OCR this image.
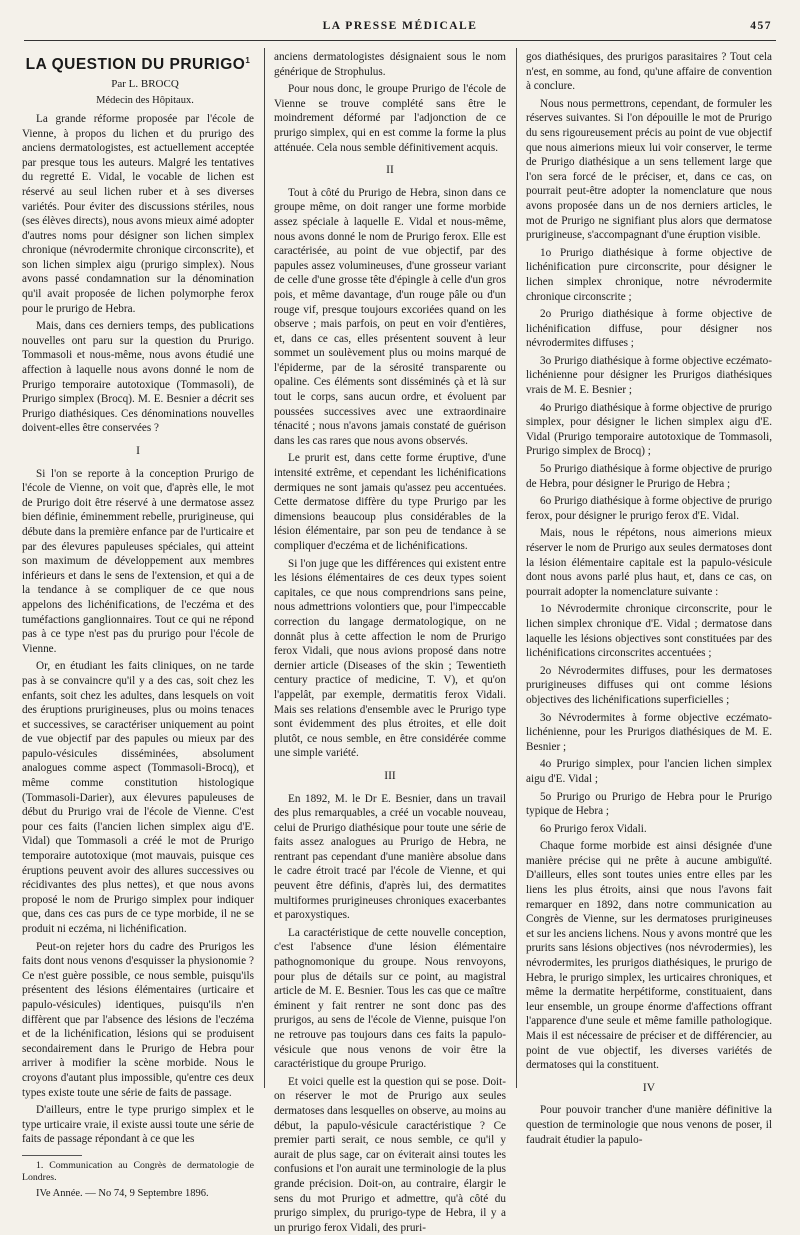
LA PRESSE MÉDICALE	457
LA QUESTION DU PRURIGO$^1$

Par L. BROCQ

Médecin des Hôpitaux.

La grande réforme proposée par l'école de Vienne, à propos du lichen et du prurigo des anciens dermatologistes, est actuellement acceptée par presque tous les auteurs. Malgré les tentatives du regretté E. Vidal, le vocable de lichen est réservé au seul lichen ruber et à ses diverses variétés. Pour éviter des discussions stériles, nous (ses élèves directs), nous avons mieux aimé adopter d'autres noms pour désigner son lichen simplex chronique (névrodermite chronique circonscrite), et son lichen simplex aigu (prurigo simplex). Nous avons passé condamnation sur la dénomination qu'il avait proposée de lichen polymorphe ferox pour le prurigo de Hebra.

Mais, dans ces derniers temps, des publications nouvelles ont paru sur la question du Prurigo. Tommasoli et nous-même, nous avons étudié une affection à laquelle nous avons donné le nom de Prurigo temporaire autotoxique (Tommasoli), de Prurigo simplex (Brocq). M. E. Besnier a décrit ses Prurigo diathésiques. Ces dénominations nouvelles doivent-elles être conservées ?

I

Si l'on se reporte à la conception Prurigo de l'école de Vienne, on voit que, d'après elle, le mot de Prurigo doit être réservé à une dermatose assez bien définie, éminemment rebelle, prurigineuse, qui débute dans la première enfance par de l'urticaire et par des élevures papuleuses spéciales, qui atteint son maximum de développement aux membres inférieurs et dans le sens de l'extension, et qui a de la tendance à se compliquer de ce que nous appelons des lichénifications, de l'eczéma et des tuméfactions ganglionnaires. Tout ce qui ne répond pas à ce type n'est pas du prurigo pour l'école de Vienne.

Or, en étudiant les faits cliniques, on ne tarde pas à se convaincre qu'il y a des cas, soit chez les enfants, soit chez les adultes, dans lesquels on voit des éruptions prurigineuses, plus ou moins tenaces et successives, se caractériser uniquement au point de vue objectif par des papules ou mieux par des papulo-vésicules disséminées, absolument analogues comme aspect (Tommasoli-Brocq), et même comme constitution histologique (Tommasoli-Darier), aux élevures papuleuses de début du Prurigo vrai de l'école de Vienne. C'est pour ces faits (l'ancien lichen simplex aigu d'E. Vidal) que Tommasoli a créé le mot de Prurigo temporaire autotoxique (mot mauvais, puisque ces éruptions peuvent avoir des allures successives ou récidivantes des plus nettes), et que nous avons proposé le nom de Prurigo simplex pour indiquer que, dans ces cas purs de ce type morbide, il ne se produit ni eczéma, ni lichénification.

Peut-on rejeter hors du cadre des Prurigos les faits dont nous venons d'esquisser la physionomie ? Ce n'est guère possible, ce nous semble, puisqu'ils présentent des lésions élémentaires (urticaire et papulo-vésicules) identiques, puisqu'ils n'en diffèrent que par l'absence des lésions de l'eczéma et de la lichénification, lésions qui se produisent secondairement dans le Prurigo de Hebra pour arriver à modifier la scène morbide. Nous le croyons d'autant plus impossible, qu'entre ces deux types existe toute une série de faits de passage.

D'ailleurs, entre le type prurigo simplex et le type urticaire vraie, il existe aussi toute une série de faits de passage répondant à ce que les

1. Communication au Congrès de dermatologie de Londres.

IVe Année. — No 74, 9 Septembre 1896.

anciens dermatologistes désignaient sous le nom générique de Strophulus.

Pour nous donc, le groupe Prurigo de l'école de Vienne se trouve complété sans être le moindrement déformé par l'adjonction de ce prurigo simplex, qui en est comme la forme la plus atténuée. Cela nous semble définitivement acquis.

II

Tout à côté du Prurigo de Hebra, sinon dans ce groupe même, on doit ranger une forme morbide assez spéciale à laquelle E. Vidal et nous-même, nous avons donné le nom de Prurigo ferox. Elle est caractérisée, au point de vue objectif, par des papules assez volumineuses, d'une grosseur variant de celle d'une grosse tête d'épingle à celle d'un gros pois, et même davantage, d'un rouge pâle ou d'un rouge vif, presque toujours excoriées quand on les observe ; mais parfois, on peut en voir d'entières, et, dans ce cas, elles présentent souvent à leur sommet un soulèvement plus ou moins marqué de l'épiderme, par de la sérosité transparente ou opaline. Ces éléments sont disséminés çà et là sur tout le corps, sans aucun ordre, et évoluent par poussées successives avec une extraordinaire ténacité ; nous n'avons jamais constaté de guérison dans les cas rares que nous avons observés.

Le prurit est, dans cette forme éruptive, d'une intensité extrême, et cependant les lichénifications dermiques ne sont jamais qu'assez peu accentuées. Cette dermatose diffère du type Prurigo par les dimensions beaucoup plus considérables de la lésion élémentaire, par son peu de tendance à se compliquer d'eczéma et de lichénifications.

Si l'on juge que les différences qui existent entre les lésions élémentaires de ces deux types soient capitales, ce que nous comprendrions sans peine, nous admettrions volontiers que, pour l'impeccable correction du langage dermatologique, on ne donnât plus à cette affection le nom de Prurigo ferox Vidali, que nous avions proposé dans notre dernier article (Diseases of the skin ; Tewentieth century practice of medicine, T. V), et qu'on l'appelât, par exemple, dermatitis ferox Vidali. Mais ses relations d'ensemble avec le Prurigo type sont évidemment des plus étroites, et elle doit plutôt, ce nous semble, en être considérée comme une simple variété.

III

En 1892, M. le Dr E. Besnier, dans un travail des plus remarquables, a créé un vocable nouveau, celui de Prurigo diathésique pour toute une série de faits assez analogues au Prurigo de Hebra, ne rentrant pas cependant d'une manière absolue dans le cadre étroit tracé par l'école de Vienne, et qui peuvent être définis, d'après lui, des dermatites multiformes prurigineuses chroniques exacerbantes et paroxystiques.

La caractéristique de cette nouvelle conception, c'est l'absence d'une lésion élémentaire pathognomonique du groupe. Nous renvoyons, pour plus de détails sur ce point, au magistral article de M. E. Besnier. Tous les cas que ce maître éminent y fait rentrer ne sont donc pas des prurigos, au sens de l'école de Vienne, puisque l'on ne retrouve pas toujours dans ces faits la papulo-vésicule que nous venons de voir être la caractéristique du groupe Prurigo.

Et voici quelle est la question qui se pose. Doit-on réserver le mot de Prurigo aux seules dermatoses dans lesquelles on observe, au moins au début, la papulo-vésicule caractéristique ? Ce premier parti serait, ce nous semble, ce qu'il y aurait de plus sage, car on éviterait ainsi toutes les confusions et l'on aurait une terminologie de la plus grande précision. Doit-on, au contraire, élargir le sens du mot Prurigo et admettre, qu'à côté du prurigo simplex, du prurigo-type de Hebra, il y a un prurigo ferox Vidali, des pruri-

gos diathésiques, des prurigos parasitaires ? Tout cela n'est, en somme, au fond, qu'une affaire de convention à conclure.

Nous nous permettrons, cependant, de formuler les réserves suivantes. Si l'on dépouille le mot de Prurigo du sens rigoureusement précis au point de vue objectif que nous aimerions mieux lui voir conserver, le terme de Prurigo diathésique a un sens tellement large que l'on sera forcé de le préciser, et, dans ce cas, on pourrait peut-être adopter la nomenclature que nous avons proposée dans un de nos derniers articles, le mot de Prurigo ne signifiant plus alors que dermatose prurigineuse, s'accompagnant d'une éruption visible.

1o Prurigo diathésique à forme objective de lichénification pure circonscrite, pour désigner le lichen simplex chronique, notre névrodermite chronique circonscrite ;

2o Prurigo diathésique à forme objective de lichénification diffuse, pour désigner nos névrodermites diffuses ;

3o Prurigo diathésique à forme objective eczémato-lichénienne pour désigner les Prurigos diathésiques vrais de M. E. Besnier ;

4o Prurigo diathésique à forme objective de prurigo simplex, pour désigner le lichen simplex aigu d'E. Vidal (Prurigo temporaire autotoxique de Tommasoli, Prurigo simplex de Brocq) ;

5o Prurigo diathésique à forme objective de prurigo de Hebra, pour désigner le Prurigo de Hebra ;

6o Prurigo diathésique à forme objective de prurigo ferox, pour désigner le prurigo ferox d'E. Vidal.

Mais, nous le répétons, nous aimerions mieux réserver le nom de Prurigo aux seules dermatoses dont la lésion élémentaire capitale est la papulo-vésicule dont nous avons parlé plus haut, et, dans ce cas, on pourrait adopter la nomenclature suivante :

1o Névrodermite chronique circonscrite, pour le lichen simplex chronique d'E. Vidal ; dermatose dans laquelle les lésions objectives sont constituées par des lichénifications circonscrites accentuées ;

2o Névrodermites diffuses, pour les dermatoses prurigineuses diffuses qui ont comme lésions objectives des lichénifications superficielles ;

3o Névrodermites à forme objective eczémato-lichénienne, pour les Prurigos diathésiques de M. E. Besnier ;

4o Prurigo simplex, pour l'ancien lichen simplex aigu d'E. Vidal ;

5o Prurigo ou Prurigo de Hebra pour le Prurigo typique de Hebra ;

6o Prurigo ferox Vidali.

Chaque forme morbide est ainsi désignée d'une manière précise qui ne prête à aucune ambiguïté. D'ailleurs, elles sont toutes unies entre elles par les liens les plus étroits, ainsi que nous l'avons fait remarquer en 1892, dans notre communication au Congrès de Vienne, sur les dermatoses prurigineuses et sur les anciens lichens. Nous y avons montré que les prurits sans lésions objectives (nos névrodermies), les névrodermites, les prurigos diathésiques, le prurigo de Hebra, le prurigo simplex, les urticaires chroniques, et même la dermatite herpétiforme, constituaient, dans leur ensemble, un groupe énorme d'affections offrant l'apparence d'une seule et même famille pathologique. Mais il est nécessaire de préciser et de différencier, au point de vue objectif, les diverses variétés de dermatoses qui la constituent.

IV

Pour pouvoir trancher d'une manière définitive la question de terminologie que nous venons de poser, il faudrait étudier la papulo-
